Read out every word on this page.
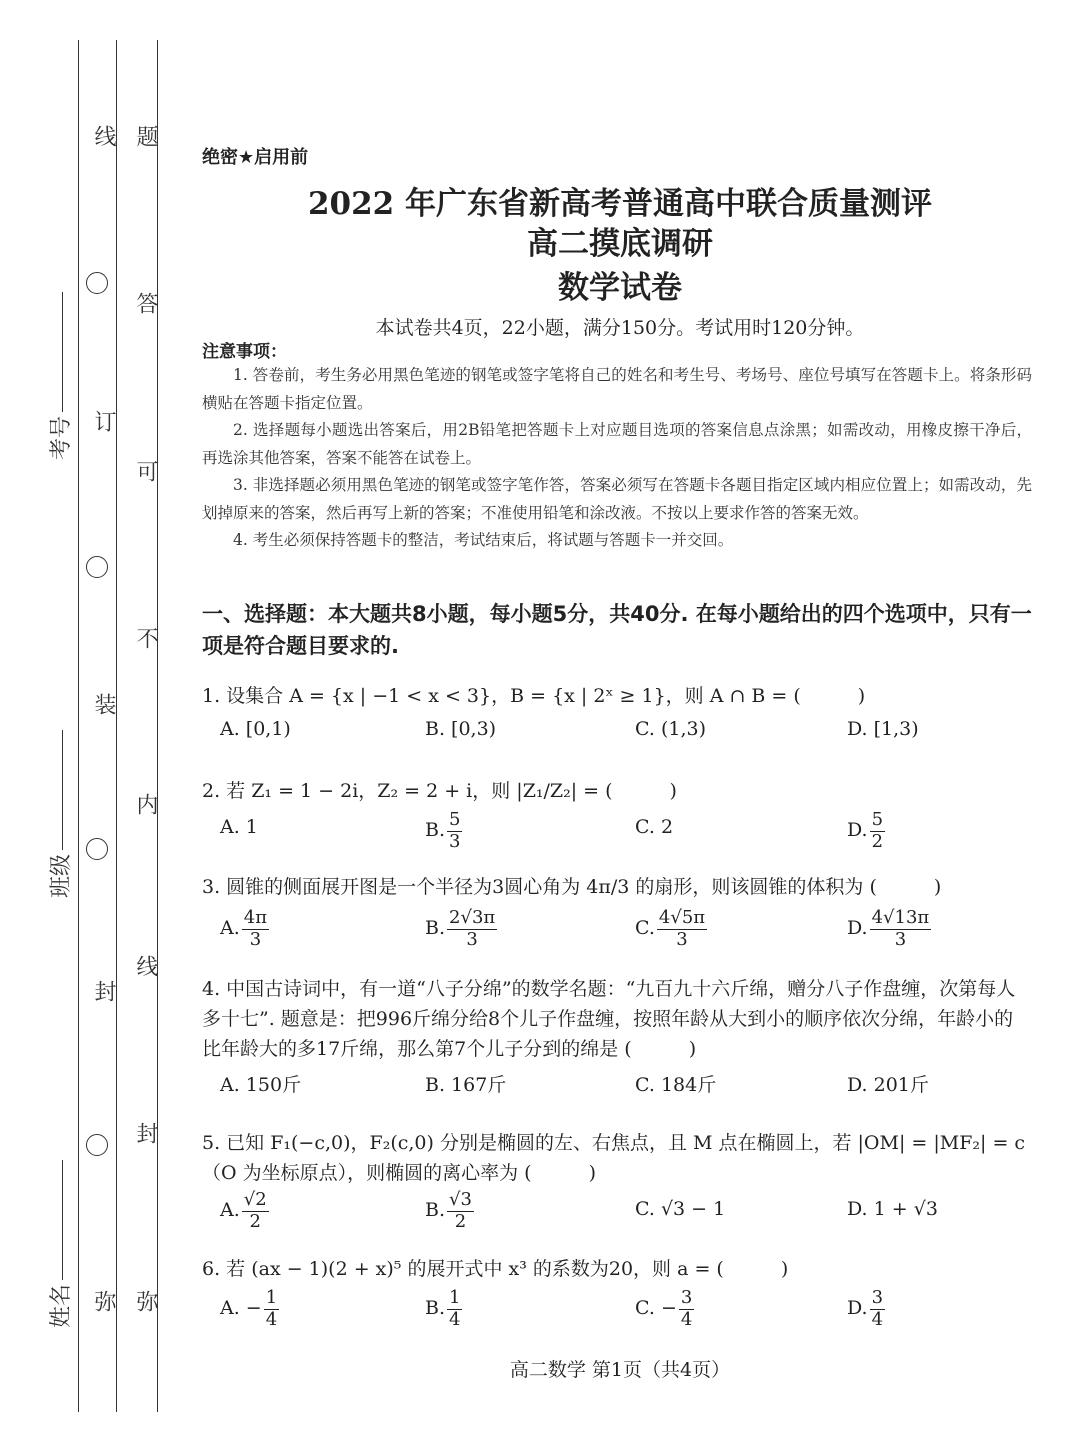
题
答
可
不
内
线
封
弥
线
订
装
封
弥
考号
班级
姓名
绝密★启用前
2022 年广东省新高考普通高中联合质量测评
高二摸底调研
数学试卷
本试卷共4页，22小题，满分150分。考试用时120分钟。
注意事项：

1. 答卷前，考生务必用黑色笔迹的钢笔或签字笔将自己的姓名和考生号、考场号、座位号填写在答题卡上。将条形码横贴在答题卡指定位置。

2. 选择题每小题选出答案后，用2B铅笔把答题卡上对应题目选项的答案信息点涂黑；如需改动，用橡皮擦干净后，再选涂其他答案，答案不能答在试卷上。

3. 非选择题必须用黑色笔迹的钢笔或签字笔作答，答案必须写在答题卡各题目指定区域内相应位置上；如需改动，先划掉原来的答案，然后再写上新的答案；不准使用铅笔和涂改液。不按以上要求作答的答案无效。

4. 考生必须保持答题卡的整洁，考试结束后，将试题与答题卡一并交回。

一、选择题：本大题共8小题，每小题5分，共40分. 在每小题给出的四个选项中，只有一项是符合题目要求的.
1. 设集合 A = {x | −1 < x < 3}，B = {x | 2ˣ ≥ 1}，则 A ∩ B = (　　　)
A. [0,1)	B. [0,3)	C. (1,3)	D. [1,3)
2. 若 Z₁ = 1 − 2i，Z₂ = 2 + i，则 |Z₁/Z₂| = (　　　)
A. 1	B. $\frac{5}{3}$	C. 2	D. $\frac{5}{2}$
3. 圆锥的侧面展开图是一个半径为3圆心角为 4π/3 的扇形，则该圆锥的体积为 (　　　)
A. $\frac{4\pi}{3}$	B. $\frac{2√3\pi}{3}$	C. $\frac{4√5\pi}{3}$	D. $\frac{4√13\pi}{3}$
4. 中国古诗词中，有一道“八子分绵”的数学名题：“九百九十六斤绵，赠分八子作盘缠，次第每人多十七”. 题意是：把996斤绵分给8个儿子作盘缠，按照年龄从大到小的顺序依次分绵，年龄小的比年龄大的多17斤绵，那么第7个儿子分到的绵是 (　　　)
A. 150斤	B. 167斤	C. 184斤	D. 201斤
5. 已知 F₁(−c,0)，F₂(c,0) 分别是椭圆的左、右焦点，且 M 点在椭圆上，若 |OM| = |MF₂| = c（O 为坐标原点），则椭圆的离心率为 (　　　)
A. $\frac{√2}{2}$	B. $\frac{√3}{2}$	C. √3 − 1	D. 1 + √3
6. 若 (ax − 1)(2 + x)⁵ 的展开式中 x³ 的系数为20，则 a = (　　　)
A. − $\frac{1}{4}$	B. $\frac{1}{4}$	C. − $\frac{3}{4}$	D. $\frac{3}{4}$
高二数学 第1页（共4页）
